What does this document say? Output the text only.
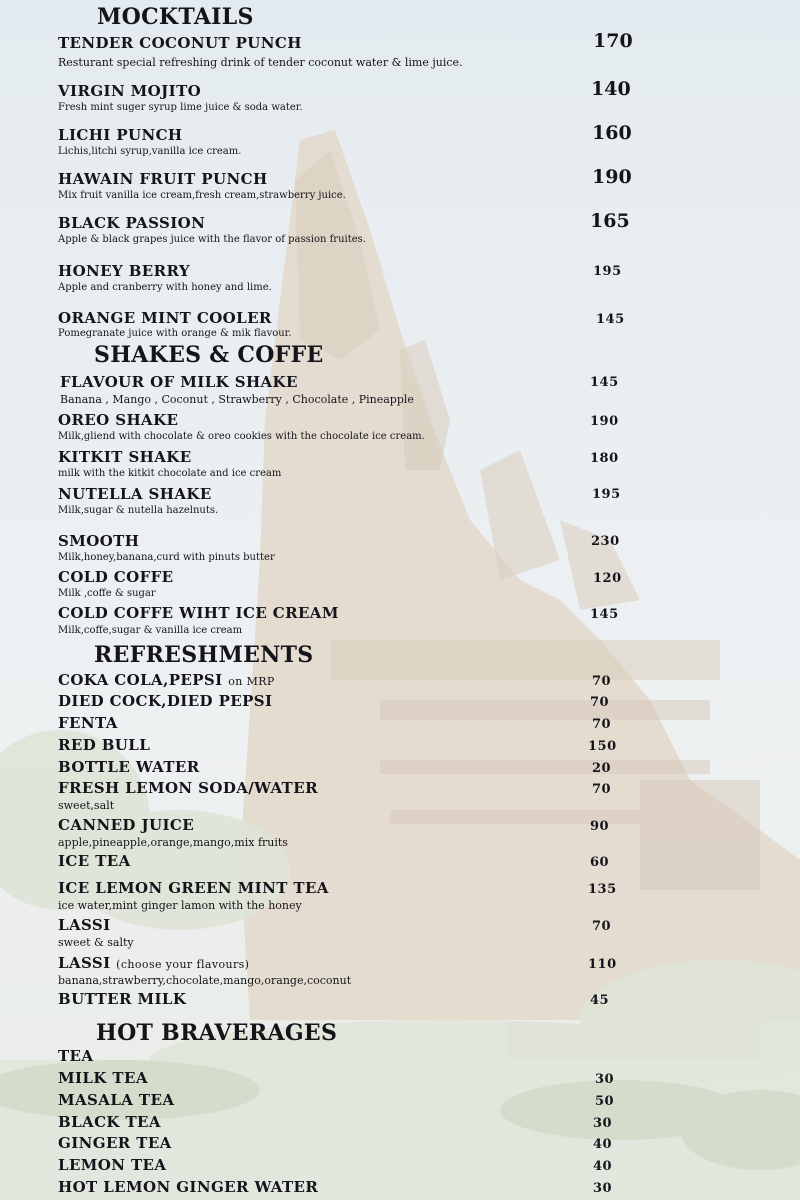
MOCKTAILS
TENDER COCONUT PUNCH	170
Resturant special refreshing drink of tender coconut water & lime juice.
VIRGIN MOJITO	140
Fresh mint suger syrup lime juice & soda water.
LICHI PUNCH	160
Lichis,litchi syrup,vanilla ice cream.
HAWAIN FRUIT PUNCH	190
Mix fruit vanilla ice cream,fresh cream,strawberry juice.
BLACK PASSION	165
Apple & black grapes juice with the flavor of passion fruites.
HONEY BERRY	195
Apple and cranberry with honey and lime.
ORANGE MINT COOLER	145
Pomegranate juice with orange & mik flavour.
SHAKES & COFFE
FLAVOUR OF MILK SHAKE	145
Banana , Mango , Coconut , Strawberry , Chocolate , Pineapple
OREO SHAKE	190
Milk,gliend with chocolate & oreo cookies with the chocolate ice cream.
KITKIT SHAKE	180
milk with the kitkit chocolate and ice cream
NUTELLA SHAKE	195
Milk,sugar & nutella hazelnuts.
SMOOTH	230
Milk,honey,banana,curd with pinuts butter
COLD COFFE	120
Milk ,coffe & sugar
COLD COFFE WIHT ICE CREAM	145
Milk,coffe,sugar & vanilla ice cream
REFRESHMENTS
COKA COLA,PEPSI on MRP	70
DIED COCK,DIED PEPSI	70
FENTA	70
RED BULL	150
BOTTLE WATER	20
FRESH LEMON SODA/WATER	70
sweet,salt
CANNED JUICE	90
apple,pineapple,orange,mango,mix fruits
ICE TEA	60
ICE LEMON GREEN MINT TEA	135
ice water,mint ginger lamon with the honey
LASSI	70
sweet & salty
LASSI (choose your flavours)	110
banana,strawberry,chocolate,mango,orange,coconut
BUTTER MILK	45
HOT BRAVERAGES
TEA
MILK TEA	30
MASALA TEA	50
BLACK TEA	30
GINGER TEA	40
LEMON TEA	40
HOT LEMON GINGER WATER	30
